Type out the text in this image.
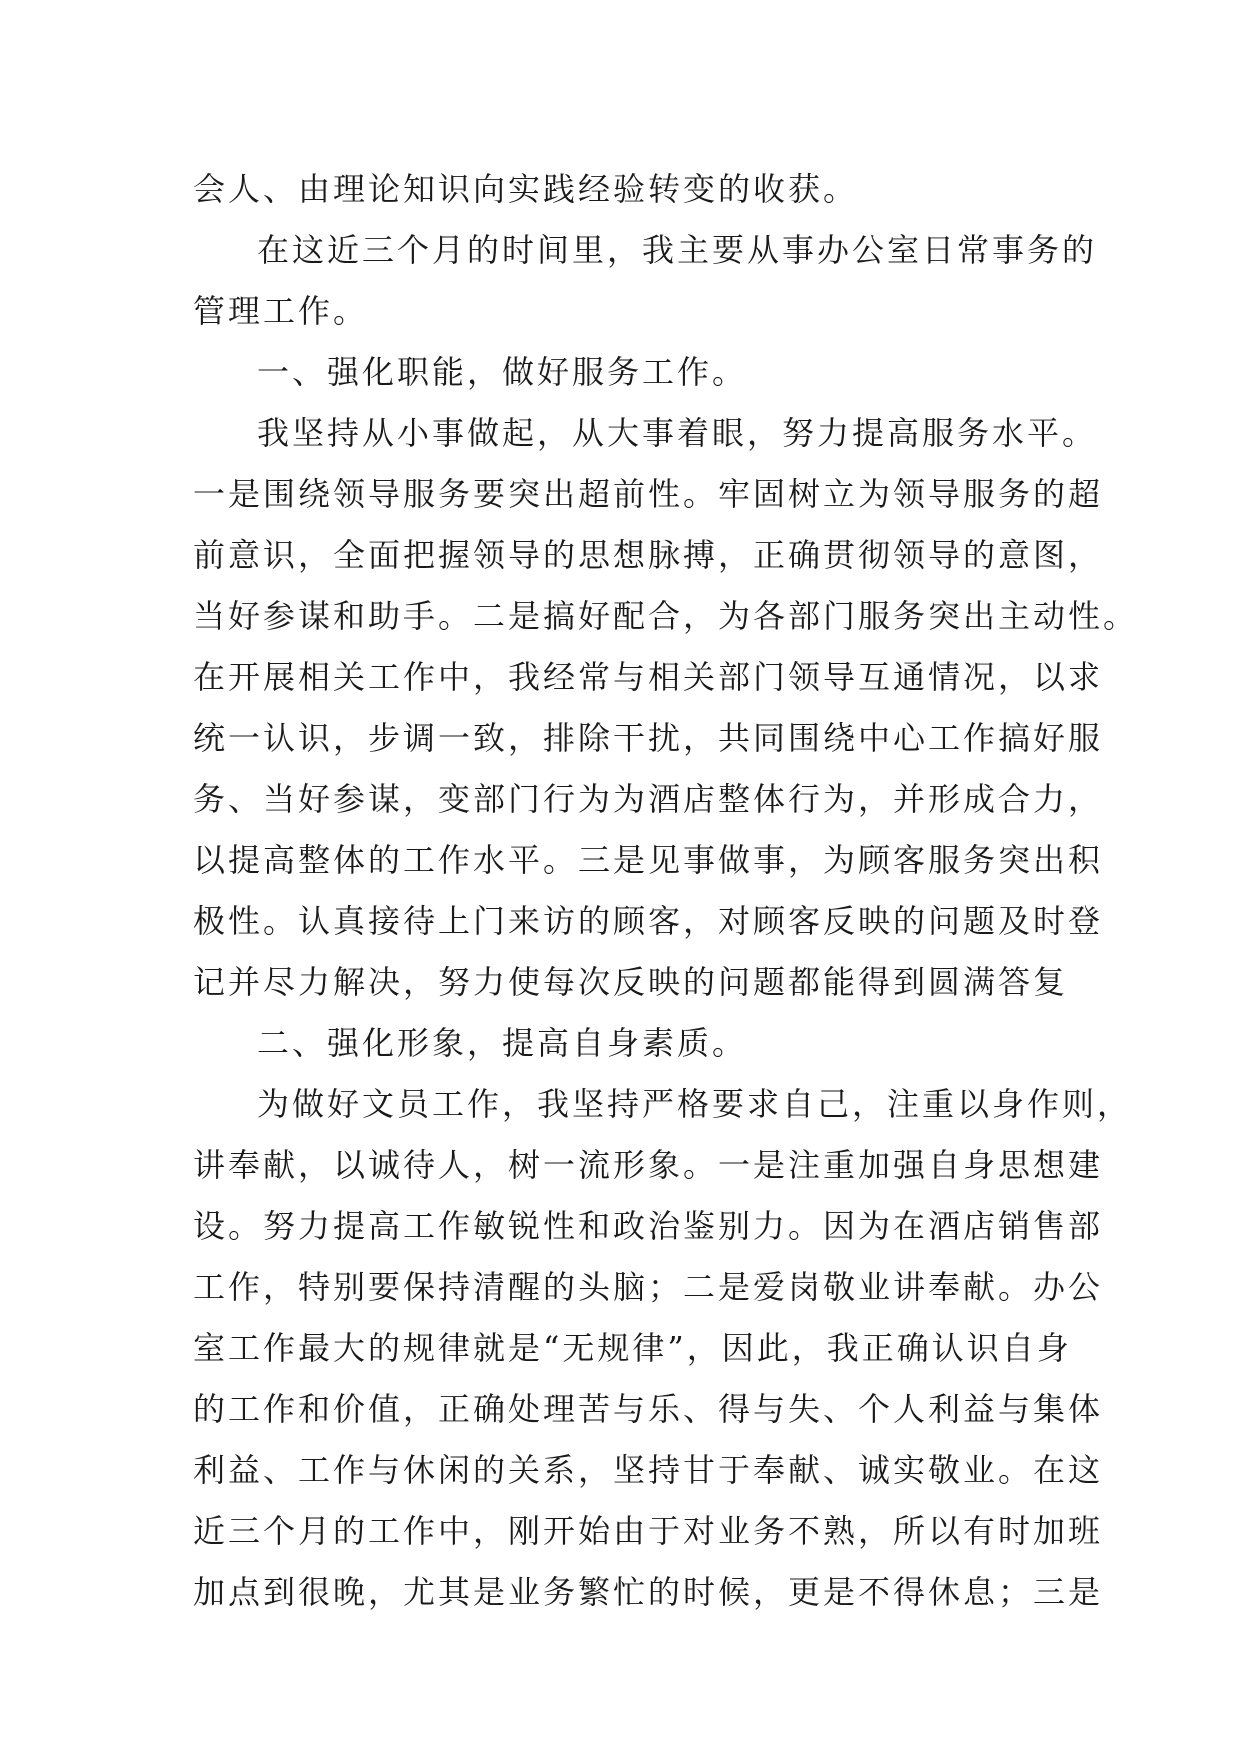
会人、由理论知识向实践经验转变的收获。
在这近三个月的时间里，我主要从事办公室日常事务的
管理工作。
一、强化职能，做好服务工作。
我坚持从小事做起，从大事着眼，努力提高服务水平。
一是围绕领导服务要突出超前性。牢固树立为领导服务的超
前意识，全面把握领导的思想脉搏，正确贯彻领导的意图，
当好参谋和助手。二是搞好配合，为各部门服务突出主动性。
在开展相关工作中，我经常与相关部门领导互通情况，以求
统一认识，步调一致，排除干扰，共同围绕中心工作搞好服
务、当好参谋，变部门行为为酒店整体行为，并形成合力，
以提高整体的工作水平。三是见事做事，为顾客服务突出积
极性。认真接待上门来访的顾客，对顾客反映的问题及时登
记并尽力解决，努力使每次反映的问题都能得到圆满答复
二、强化形象，提高自身素质。
为做好文员工作，我坚持严格要求自己，注重以身作则，
讲奉献，以诚待人，树一流形象。一是注重加强自身思想建
设。努力提高工作敏锐性和政治鉴别力。因为在酒店销售部
工作，特别要保持清醒的头脑；二是爱岗敬业讲奉献。办公
室工作最大的规律就是“无规律”，因此，我正确认识自身
的工作和价值，正确处理苦与乐、得与失、个人利益与集体
利益、工作与休闲的关系，坚持甘于奉献、诚实敬业。在这
近三个月的工作中，刚开始由于对业务不熟，所以有时加班
加点到很晚，尤其是业务繁忙的时候，更是不得休息；三是
